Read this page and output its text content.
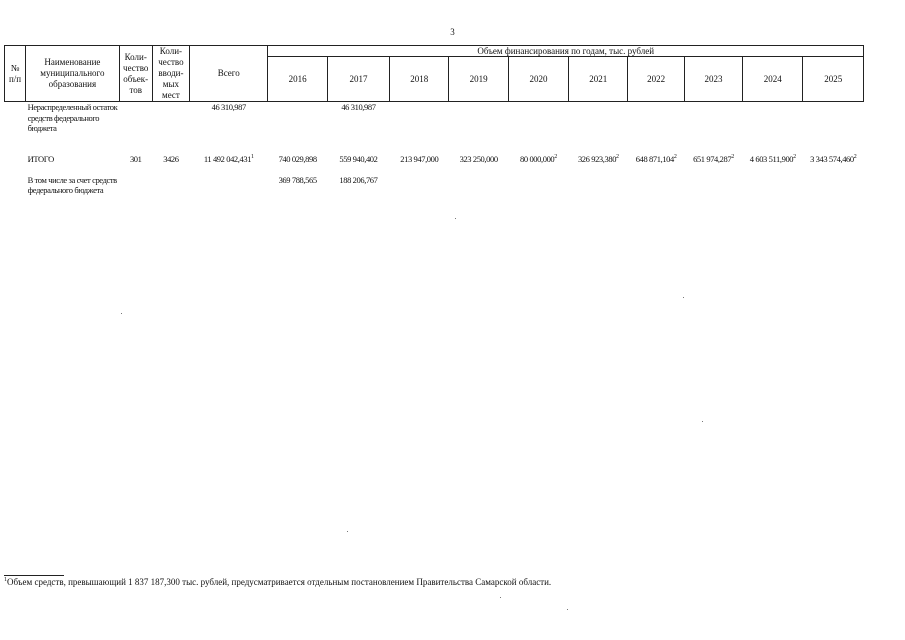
3
№ п/п	Наименование муниципального образования	Коли-чество объек-тов	Коли-чество вводи-мых мест	Всего	Объем финансирования по годам, тыс. рублей									
					2016	2017	2018	2019	2020	2021	2022	2023	2024	2025
	Нераспределенный остаток средств федерального бюджета			46 310,987		46 310,987								
	ИТОГО	301	3426	11 492 042,431$^1$	740 029,898	559 940,402	213 947,000	323 250,000	80 000,000$^2$	326 923,380$^2$	648 871,104$^2$	651 974,287$^2$	4 603 511,900$^2$	3 343 574,460$^2$
	В том числе за счет средств федерального бюджета				369 788,565	188 206,767								
$^1$Объем средств, превышающий 1 837 187,300 тыс. рублей, предусматривается отдельным постановлением Правительства Самарской области.
